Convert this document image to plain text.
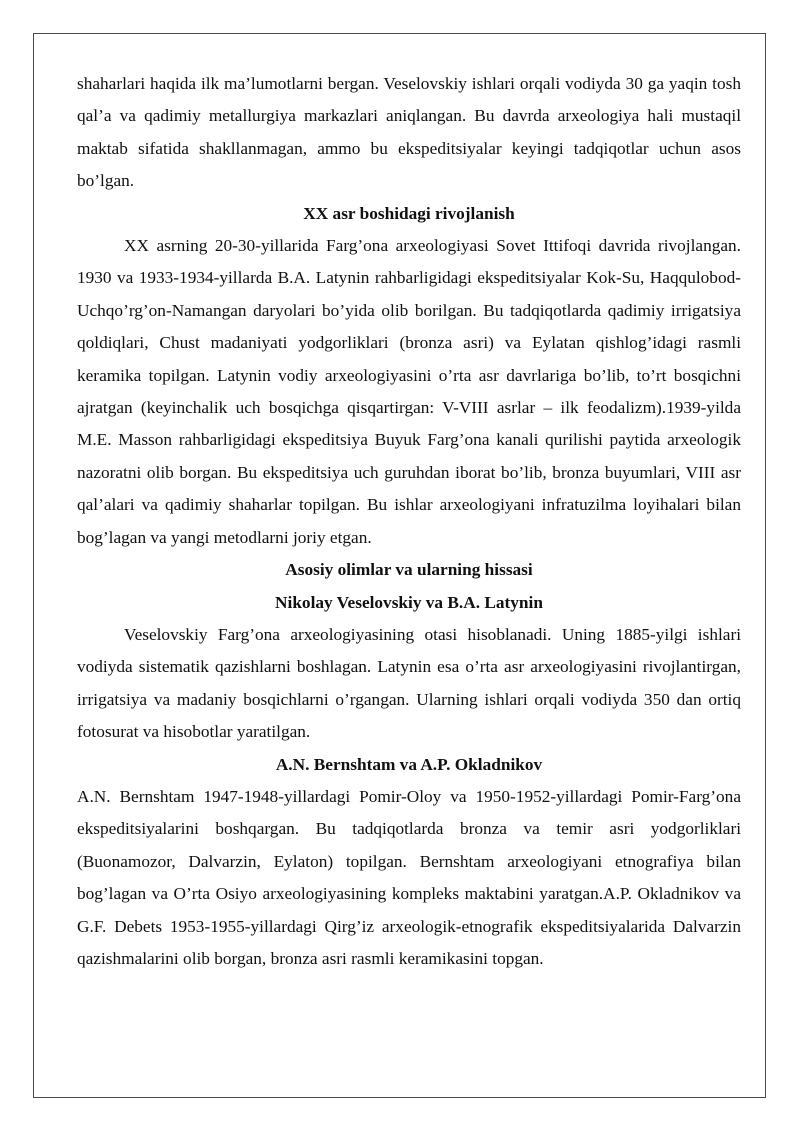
shaharlari haqida ilk ma’lumotlarni bergan. Veselovskiy ishlari orqali vodiyda 30 ga yaqin tosh qal’a va qadimiy metallurgiya markazlari aniqlangan. Bu davrda arxeologiya hali mustaqil maktab sifatida shakllanmagan, ammo bu ekspeditsiyalar keyingi tadqiqotlar uchun asos bo’lgan.

XX asr boshidagi rivojlanish

XX asrning 20-30-yillarida Farg’ona arxeologiyasi Sovet Ittifoqi davrida rivojlangan. 1930 va 1933-1934-yillarda B.A. Latynin rahbarligidagi ekspeditsiyalar Kok-Su, Haqqulobod-Uchqo’rg’on-Namangan daryolari bo’yida olib borilgan. Bu tadqiqotlarda qadimiy irrigatsiya qoldiqlari, Chust madaniyati yodgorliklari (bronza asri) va Eylatan qishlog’idagi rasmli keramika topilgan. Latynin vodiy arxeologiyasini o’rta asr davrlariga bo’lib, to’rt bosqichni ajratgan (keyinchalik uch bosqichga qisqartirgan: V-VIII asrlar – ilk feodalizm).1939-yilda M.E. Masson rahbarligidagi ekspeditsiya Buyuk Farg’ona kanali qurilishi paytida arxeologik nazoratni olib borgan. Bu ekspeditsiya uch guruhdan iborat bo’lib, bronza buyumlari, VIII asr qal’alari va qadimiy shaharlar topilgan. Bu ishlar arxeologiyani infratuzilma loyihalari bilan bog’lagan va yangi metodlarni joriy etgan.

Asosiy olimlar va ularning hissasi
Nikolay Veselovskiy va B.A. Latynin

Veselovskiy Farg’ona arxeologiyasining otasi hisoblanadi. Uning 1885-yilgi ishlari vodiyda sistematik qazishlarni boshlagan. Latynin esa o’rta asr arxeologiyasini rivojlantirgan, irrigatsiya va madaniy bosqichlarni o’rgangan. Ularning ishlari orqali vodiyda 350 dan ortiq fotosurat va hisobotlar yaratilgan.

A.N. Bernshtam va A.P. Okladnikov

A.N. Bernshtam 1947-1948-yillardagi Pomir-Oloy va 1950-1952-yillardagi Pomir-Farg’ona ekspeditsiyalarini boshqargan. Bu tadqiqotlarda bronza va temir asri yodgorliklari (Buonamozor, Dalvarzin, Eylaton) topilgan. Bernshtam arxeologiyani etnografiya bilan bog’lagan va O’rta Osiyo arxeologiyasining kompleks maktabini yaratgan.A.P. Okladnikov va G.F. Debets 1953-1955-yillardagi Qirg’iz arxeologik-etnografik ekspeditsiyalarida Dalvarzin qazishmalarini olib borgan, bronza asri rasmli keramikasini topgan.
